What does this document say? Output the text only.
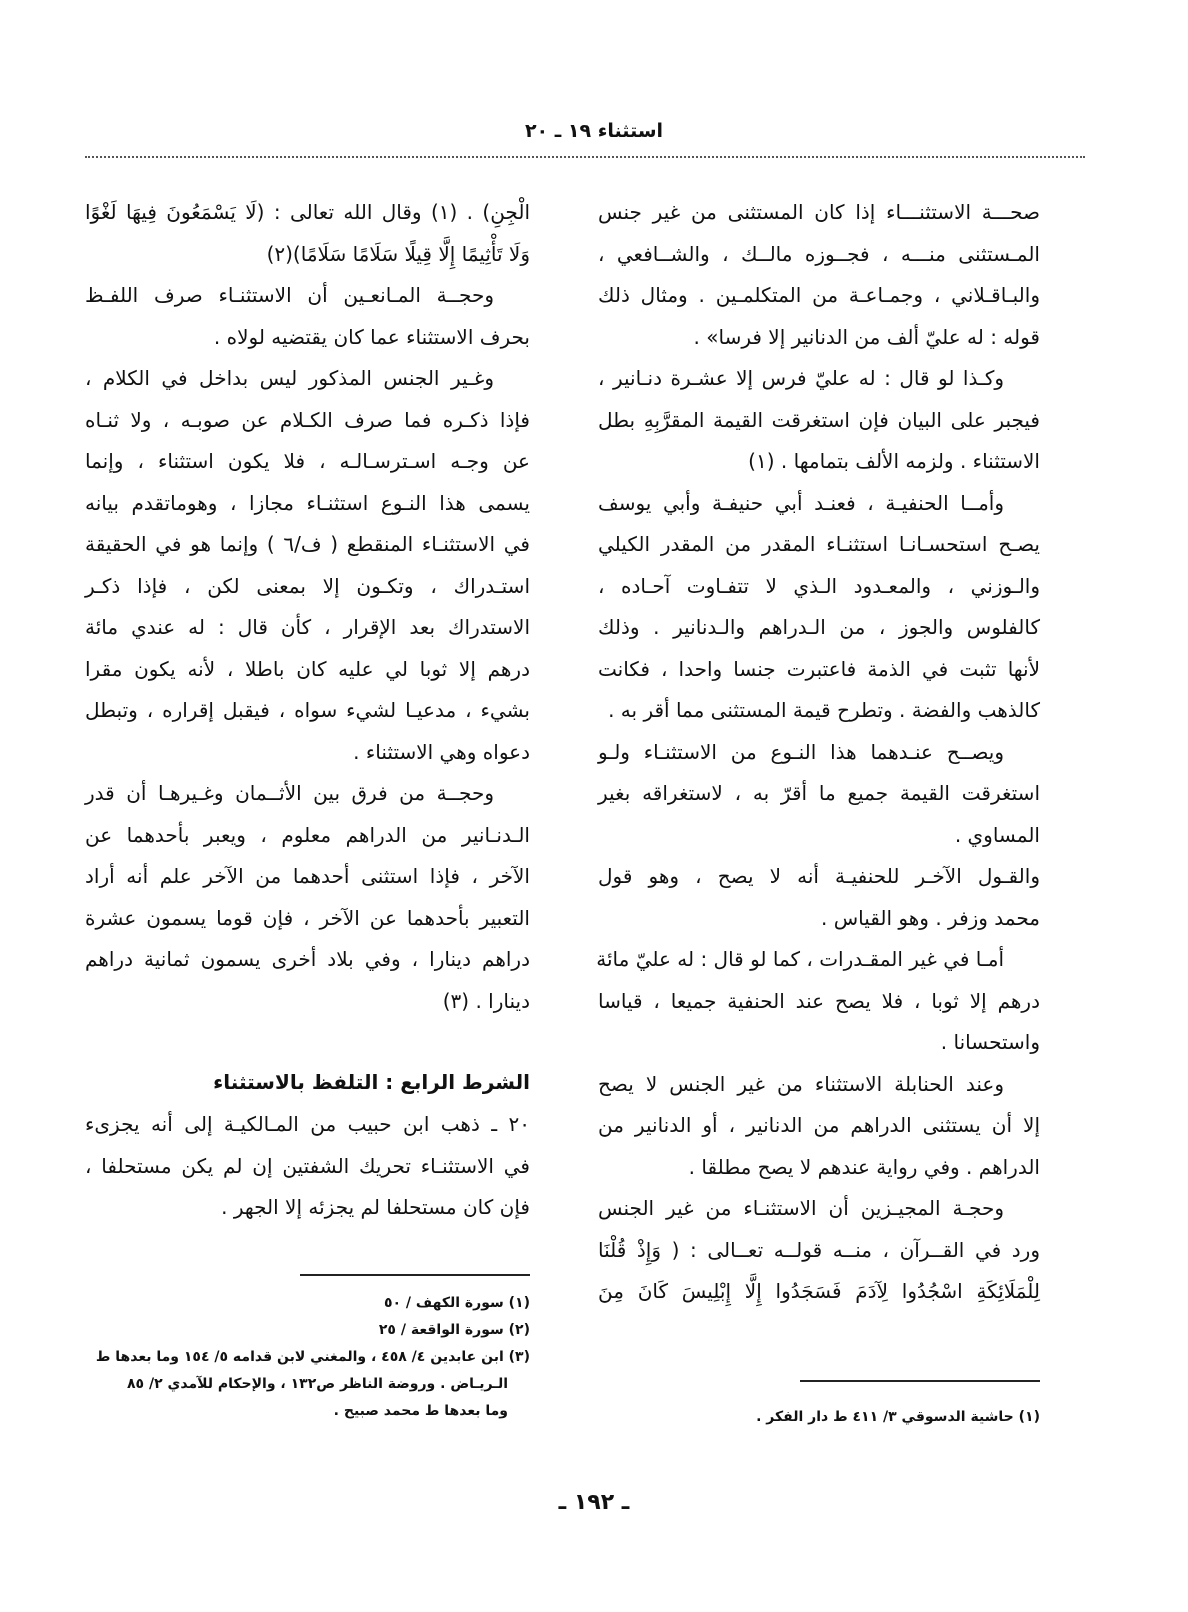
استثناء ١٩ ـ ٢٠
صحـــة الاستثنـــاء إذا كان المستثنى من غير جنس
المـستثنى منـــه ، فجــوزه مالــك ، والشــافعي ،
والبـاقـلاني ، وجمـاعـة من المتكلمـين . ومثال ذلك
قوله : له عليّ ألف من الدنانير إلا فرسا» .
وكـذا لو قال : له عليّ فرس إلا عشـرة دنـانير ،
فيجبر على البيان فإن استغرقت القيمة المقرَّبِهِ بطل
الاستثناء . ولزمه الألف بتمامها . (١)
وأمــا الحنفيـة ، فعنـد أبي حنيفـة وأبي يوسف
يصـح استحسـانـا استثنـاء المقدر من المقدر الكيلي
والـوزني ، والمعـدود الـذي لا تتفـاوت آحـاده ،
كالفلوس والجوز ، من الـدراهم والـدنانير . وذلك
لأنها تثبت في الذمة فاعتبرت جنسا واحدا ، فكانت
كالذهب والفضة . وتطرح قيمة المستثنى مما أقر به .
ويصــح عنـدهما هذا النـوع من الاستثنـاء ولـو
استغرقت القيمة جميع ما أقرّ به ، لاستغراقه بغير
المساوي .
والقـول الآخـر للحنفيـة أنه لا يصح ، وهو قول
محمد وزفر . وهو القياس .
أمـا في غير المقـدرات ، كما لو قال : له عليّ مائة
درهم إلا ثوبا ، فلا يصح عند الحنفية جميعا ، قياسا
واستحسانا .
وعند الحنابلة الاستثناء من غير الجنس لا يصح
إلا أن يستثنى الدراهم من الدنانير ، أو الدنانير من
الدراهم . وفي رواية عندهم لا يصح مطلقا .
وحجـة المجيـزين أن الاستثنـاء من غير الجنس
ورد في القــرآن ، منــه قولــه تعــالى : ( وَإِذْ قُلْنَا
لِلْمَلَائِكَةِ اسْجُدُوا لِآدَمَ فَسَجَدُوا إِلَّا إِبْلِيسَ كَانَ مِنَ
الْجِنِ) . (١) وقال الله تعالى : (لَا يَسْمَعُونَ فِيهَا لَغْوًا
وَلَا تَأْثِيمًا إِلَّا قِيلًا سَلَامًا سَلَامًا)(٢)
وحجــة المـانعـين أن الاستثنـاء صرف اللفـظ
بحرف الاستثناء عما كان يقتضيه لولاه .
وغـير الجنس المذكور ليس بداخل في الكلام ،
فإذا ذكـره فما صرف الكـلام عن صوبـه ، ولا ثنـاه
عن وجـه اسـترسـالـه ، فلا يكون استثناء ، وإنما
يسمى هذا النـوع استثنـاء مجازا ، وهوماتقدم بيانه
في الاستثنـاء المنقطع ( ف/٦ ) وإنما هو في الحقيقة
استـدراك ، وتكـون إلا بمعنى لكن ، فإذا ذكـر
الاستدراك بعد الإقرار ، كأن قال : له عندي مائة
درهم إلا ثوبا لي عليه كان باطلا ، لأنه يكون مقرا
بشيء ، مدعيـا لشيء سواه ، فيقبل إقراره ، وتبطل
دعواه وهي الاستثناء .
وحجــة من فرق بين الأثــمان وغـيرهـا أن قدر
الـدنـانير من الدراهم معلوم ، ويعبر بأحدهما عن
الآخر ، فإذا استثنى أحدهما من الآخر علم أنه أراد
التعبير بأحدهما عن الآخر ، فإن قوما يسمون عشرة
دراهم دينارا ، وفي بلاد أخرى يسمون ثمانية دراهم
دينارا . (٣)
الشرط الرابع : التلفظ بالاستثناء
٢٠ ـ ذهب ابن حبيب من المـالكيـة إلى أنه يجزىء
في الاستثنـاء تحريك الشفتين إن لم يكن مستحلفا ،
فإن كان مستحلفا لم يجزئه إلا الجهر .
(١) سورة الكهف / ٥٠
(٢) سورة الواقعة / ٢٥
(٣) ابن عابدين ٤/ ٤٥٨ ، والمغني لابن قدامه ٥/ ١٥٤ وما بعدها ط
الـريـاض . وروضة الناظر ص١٣٢ ، والإحكام للآمدي ٢/ ٨٥
وما بعدها ط محمد صبيح .	(١) حاشية الدسوقي ٣/ ٤١١ ط دار الفكر .
ـ ١٩٢ ـ
